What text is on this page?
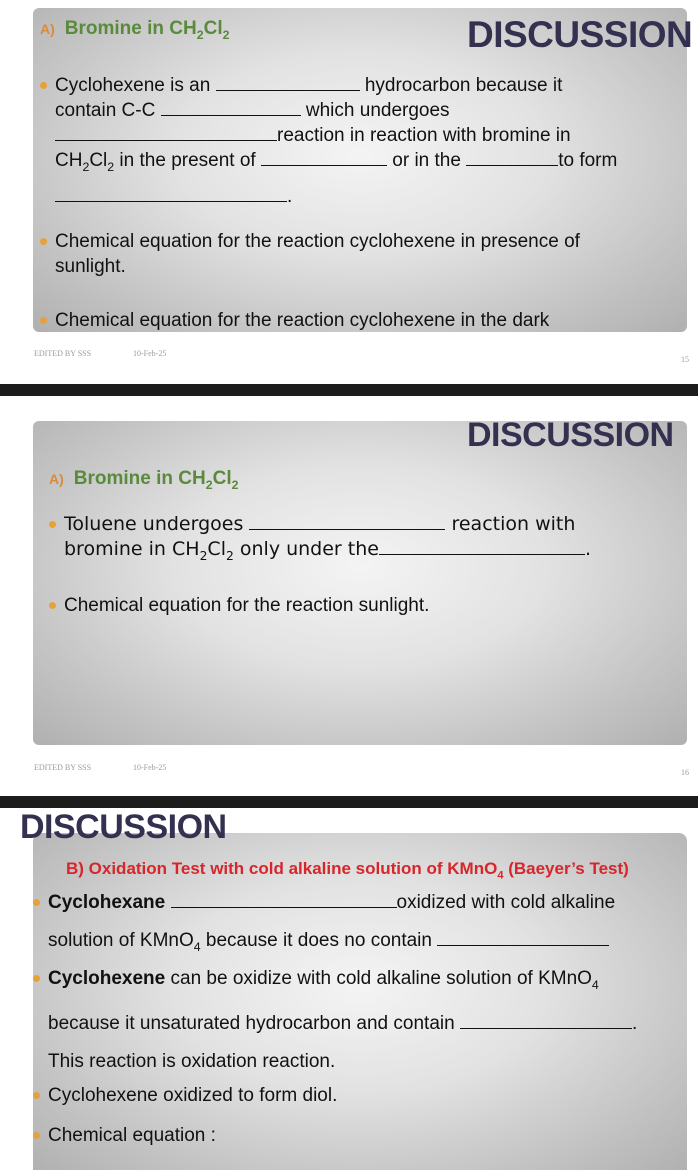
A) Bromine in $CH_2Cl_2$	DISCUSSION
Cyclohexene is an	hydrocarbon because it
contain C-C	which undergoes
reaction in reaction with bromine in
$CH_2Cl_2$ in the present of	or in the	to form
.
Chemical equation for the reaction cyclohexene in presence of
sunlight.
Chemical equation for the reaction cyclohexene in the dark
EDITED BY SSS	10-Feb-25
15
DISCUSSION
A) Bromine in $CH_2Cl_2$
Toluene undergoes	reaction with
bromine in $CH_2Cl_2$ only under the	.
Chemical equation for the reaction sunlight.
EDITED BY SSS	10-Feb-25
16
DISCUSSION
B) Oxidation Test with cold alkaline solution of KMnO$_4$ (Baeyer’s Test)
Cyclohexane	oxidized with cold alkaline
solution of KMnO$_4$ because it does no contain
Cyclohexene can be oxidize with cold alkaline solution of KMnO$_4$
because it unsaturated hydrocarbon and contain	.
This reaction is oxidation reaction.
Cyclohexene oxidized to form diol.
Chemical equation :
